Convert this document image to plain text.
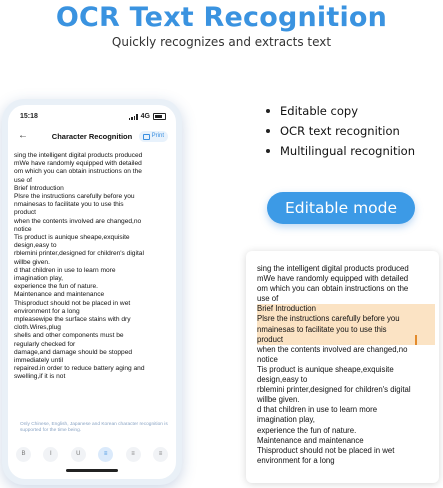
OCR Text Recognition
Quickly recognizes and extracts text
15:18	4G
←	Character Recognition	Print
sing the intelligent digital products produced
mWe have randomly equipped with detailed
om which you can obtain instructions on the
use of
Brief Introduction
Plsre the instructions carefully before you
nmainesas to facilitate you to use this
product
when the contents involved are changed,no
notice
Tis product is aunique sheape,exquisite
design,easy to
rblemini printer,designed for children's digital
willbe given.
d that children in use to learn more
imagination play,
experience the fun of nature.
Maintenance and maintenance
Thisproduct should not be placed in wet
environment for a long
mpleasewipe the surface stains with dry
cloth.Wires,plug
shells and other components must be
regularly checked for
damage,and damage should be stopped
immediately until
repaired.in order to reduce battery aging and
swelling,if it is not
Only Chinese, English, Japanese and Korean character recognition is supported for the time being.
B	I	U	≡	≡	≡
Editable copy
OCR text recognition
Multilingual recognition
Editable mode
sing the intelligent digital products produced
mWe have randomly equipped with detailed
om which you can obtain instructions on the
use of
Brief Introduction
Plsre the instructions carefully before you
nmainesas to facilitate you to use this
product
when the contents involved are changed,no
notice
Tis product is aunique sheape,exquisite
design,easy to
rblemini printer,designed for children's digital
willbe given.
d that children in use to learn more
imagination play,
experience the fun of nature.
Maintenance and maintenance
Thisproduct should not be placed in wet
environment for a long
